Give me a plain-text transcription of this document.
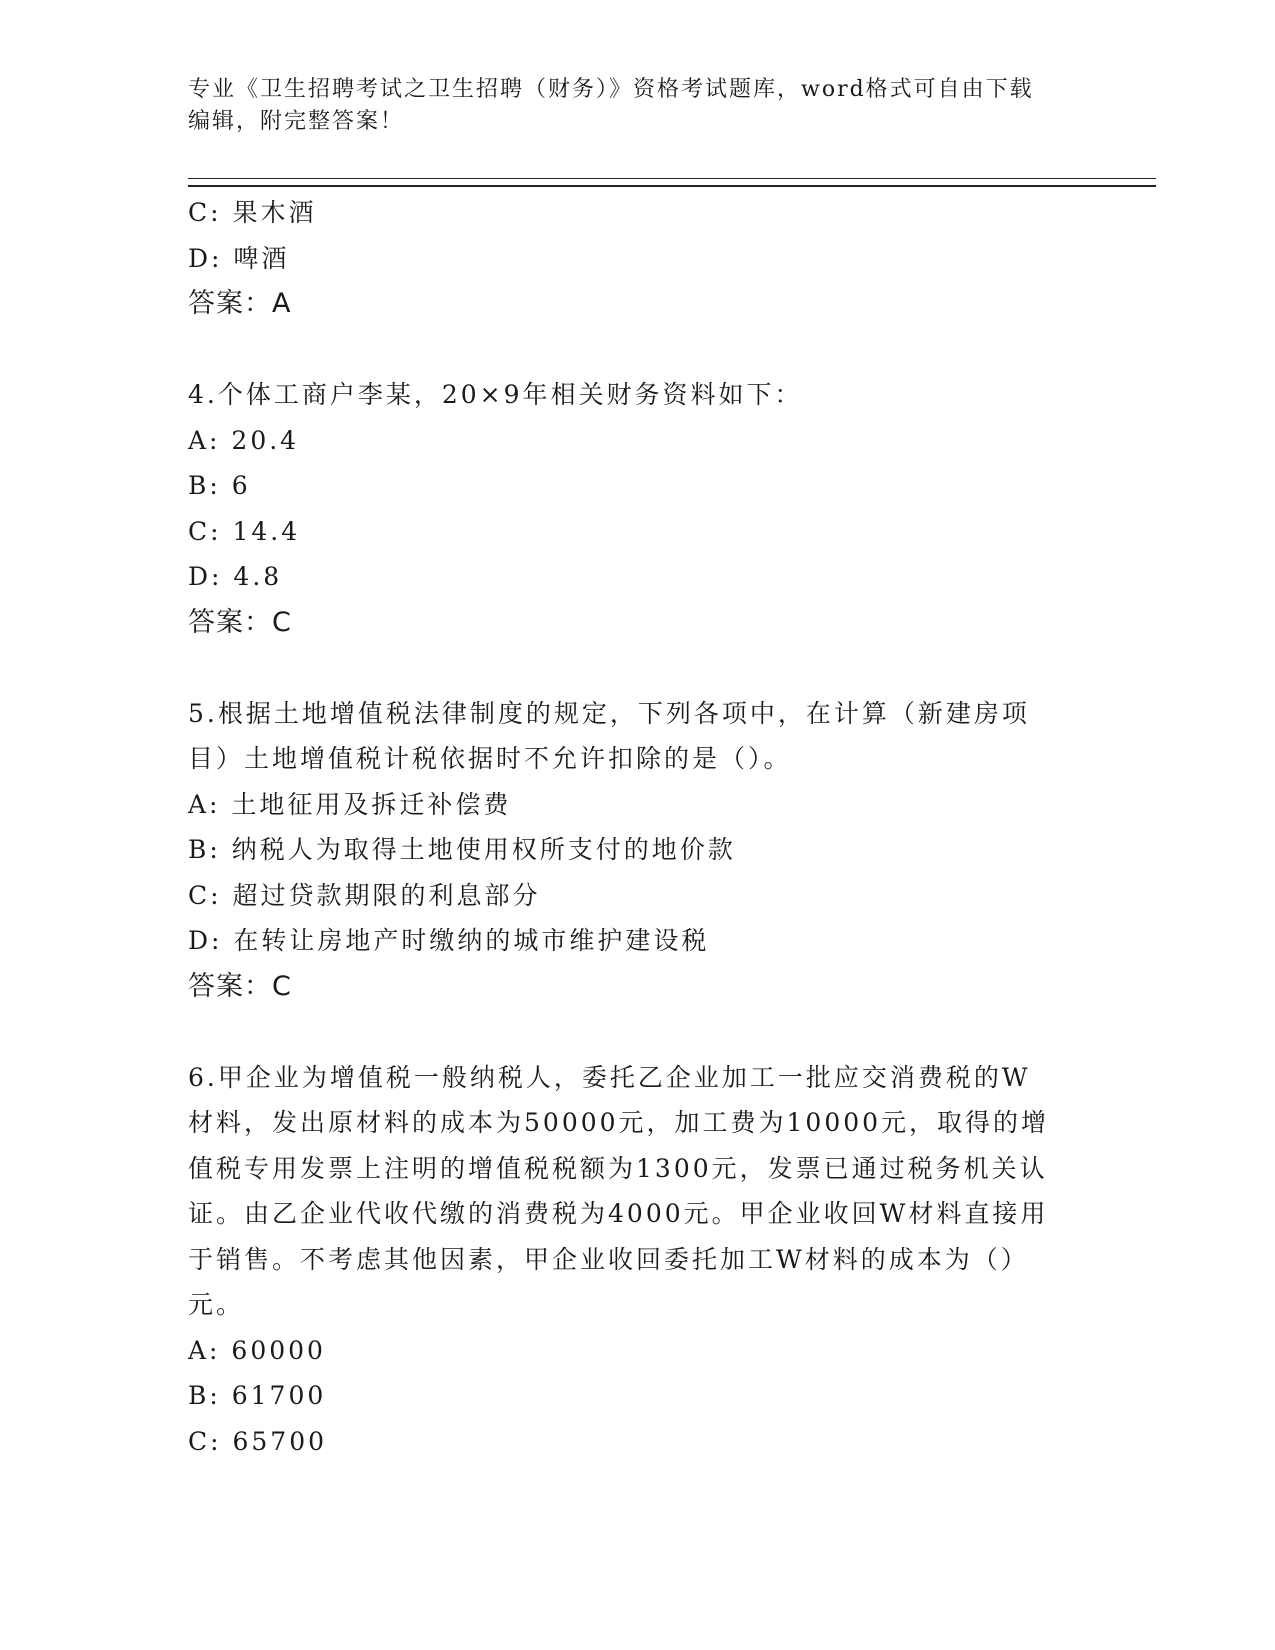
专业《卫生招聘考试之卫生招聘（财务）》资格考试题库，word格式可自由下载
编辑，附完整答案！
C: 果木酒
D: 啤酒
答案：A
4.个体工商户李某，20×9年相关财务资料如下：
A: 20.4
B: 6
C: 14.4
D: 4.8
答案：C
5.根据土地增值税法律制度的规定，下列各项中，在计算（新建房项
目）土地增值税计税依据时不允许扣除的是（）。
A: 土地征用及拆迁补偿费
B: 纳税人为取得土地使用权所支付的地价款
C: 超过贷款期限的利息部分
D: 在转让房地产时缴纳的城市维护建设税
答案：C
6.甲企业为增值税一般纳税人，委托乙企业加工一批应交消费税的W
材料，发出原材料的成本为50000元，加工费为10000元，取得的增
值税专用发票上注明的增值税税额为1300元，发票已通过税务机关认
证。由乙企业代收代缴的消费税为4000元。甲企业收回W材料直接用
于销售。不考虑其他因素，甲企业收回委托加工W材料的成本为（）
元。
A: 60000
B: 61700
C: 65700
